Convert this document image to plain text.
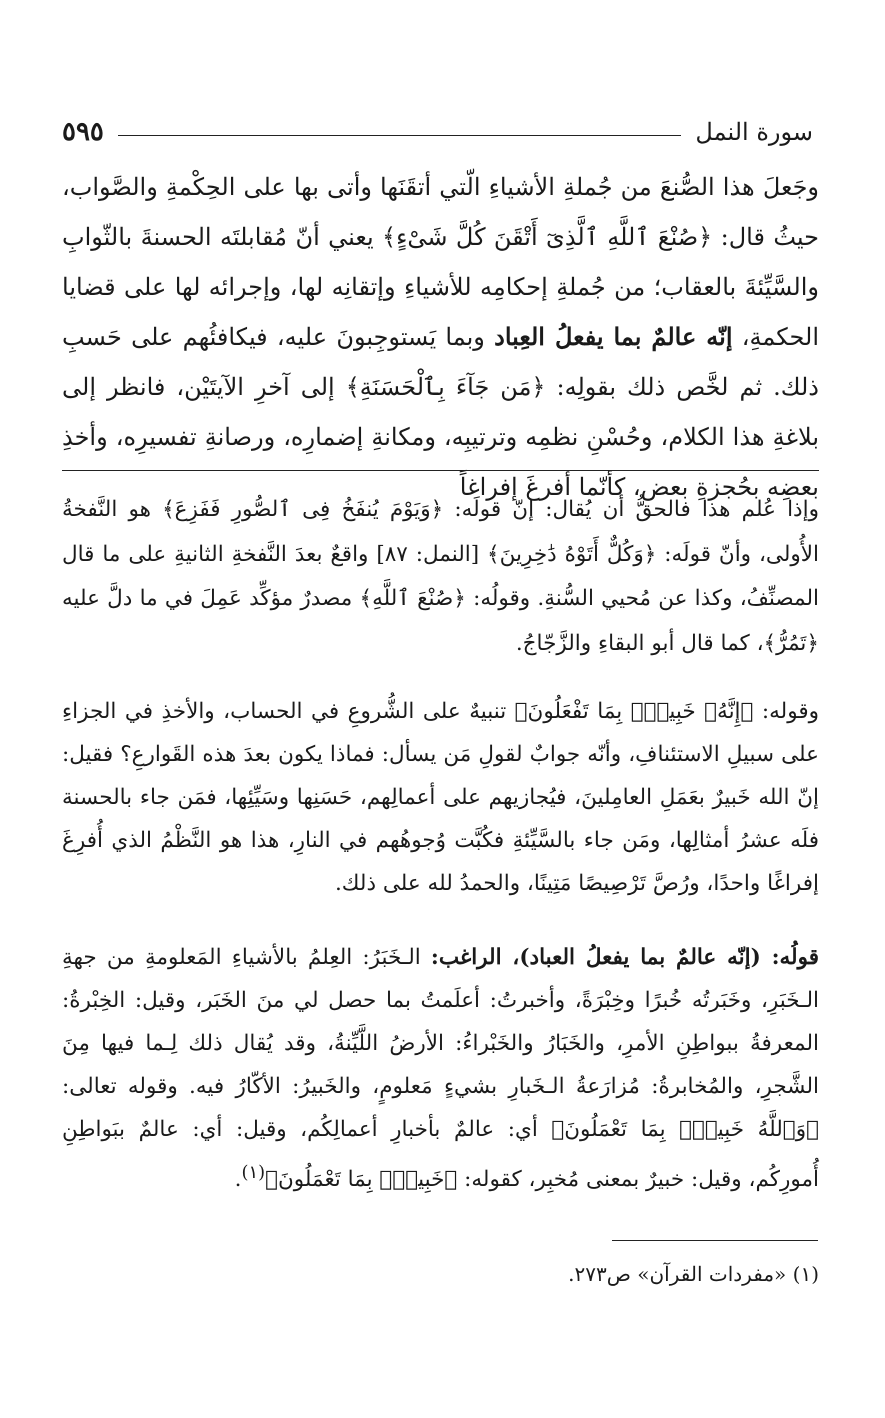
سورة النمل
٥٩٥

وجَعلَ هذا الصُّنعَ من جُملةِ الأشياءِ الّتي أتقَنَها وأتى بها على الحِكْمةِ والصَّواب، حيثُ قال: ﴿صُنْعَ ٱللَّهِ ٱلَّذِىٓ أَتْقَنَ كُلَّ شَىْءٍ﴾ يعني أنّ مُقابلتَه الحسنةَ بالثّوابِ والسَّيِّئةَ بالعقاب؛ من جُملةِ إحكامِه للأشياءِ وإتقانِه لها، وإجرائه لها على قضايا الحكمةِ، إنّه عالمٌ بما يفعلُ العِباد وبما يَستوجِبونَ عليه، فيكافئُهم على حَسبِ ذلك. ثم لخَّص ذلك بقولِه: ﴿مَن جَآءَ بِٱلْحَسَنَةِ﴾ إلى آخرِ الآيتَيْن، فانظر إلى بلاغةِ هذا الكلام، وحُسْنِ نظمِه وترتيبِه، ومكانةِ إضمارِه، ورصانةِ تفسيرِه، وأخذِ بعضِه بحُجزةِ بعض، كأنّما أفرغَ إفراغاً

وإذا عُلم هذا فالحقُّ أن يُقال: إنّ قولَه: ﴿وَيَوْمَ يُنفَخُ فِى ٱلصُّورِ فَفَزِعَ﴾ هو النَّفخةُ الأُولى، وأنّ قولَه: ﴿وَكُلٌّ أَتَوْهُ دَٰخِرِينَ﴾ [النمل: ٨٧] واقعٌ بعدَ النَّفخةِ الثانيةِ على ما قال المصنِّفُ، وكذا عن مُحيي السُّنةِ. وقولُه: ﴿صُنْعَ ٱللَّهِ﴾ مصدرٌ مؤكِّد عَمِلَ في ما دلَّ عليه ﴿تَمُرُّ﴾، كما قال أبو البقاءِ والزَّجّاجُ.

وقوله: ﴿إِنَّهُۥ خَبِيرٌۢ بِمَا تَفْعَلُونَ﴾ تنبيهٌ على الشُّروعِ في الحساب، والأخذِ في الجزاءِ على سبيلِ الاستئنافِ، وأنّه جوابٌ لقولِ مَن يسأل: فماذا يكون بعدَ هذه القَوارعِ؟ فقيل: إنّ الله خَبيرٌ بعَمَلِ العامِلينَ، فيُجازيهم على أعمالِهم، حَسَنِها وسَيِّئِها، فمَن جاء بالحسنة فلَه عشرُ أمثالِها، ومَن جاء بالسَّيِّئةِ فكُبَّت وُجوهُهم في النارِ، هذا هو النَّظْمُ الذي أُفرِغَ إفراغًا واحدًا، ورُصَّ تَرْصِيصًا مَتِينًا، والحمدُ لله على ذلك.

قولُه: (إنّه عالمٌ بما يفعلُ العباد)، الراغب: الـخَبَرُ: العِلمُ بالأشياءِ المَعلومةِ من جهةِ الـخَبَرِ، وخَبَرتُه خُبرًا وخِبْرَةً، وأخبرتُ: أعلَمتُ بما حصل لي منَ الخَبَر، وقيل: الخِبْرةُ: المعرفةُ ببواطِنِ الأمرِ، والخَبَارُ والخَبْراءُ: الأرضُ اللَّيِّنةُ، وقد يُقال ذلك لِـما فيها مِنَ الشَّجرِ، والمُخابرةُ: مُزارَعةُ الـخَبارِ بشيءٍ مَعلومٍ، والخَبيرُ: الأكّارُ فيه. وقوله تعالى: ﴿وَٱللَّهُ خَبِيرٌۢ بِمَا تَعْمَلُونَ﴾ أي: عالمٌ بأخبارِ أعمالِكُم، وقيل: أي: عالمٌ ببَواطِنِ أُمورِكُم، وقيل: خبيرٌ بمعنى مُخبِر، كقوله: ﴿خَبِيرٌۢ بِمَا تَعْمَلُونَ﴾$^{(١)}$.

(١) «مفردات القرآن» ص٢٧٣.
